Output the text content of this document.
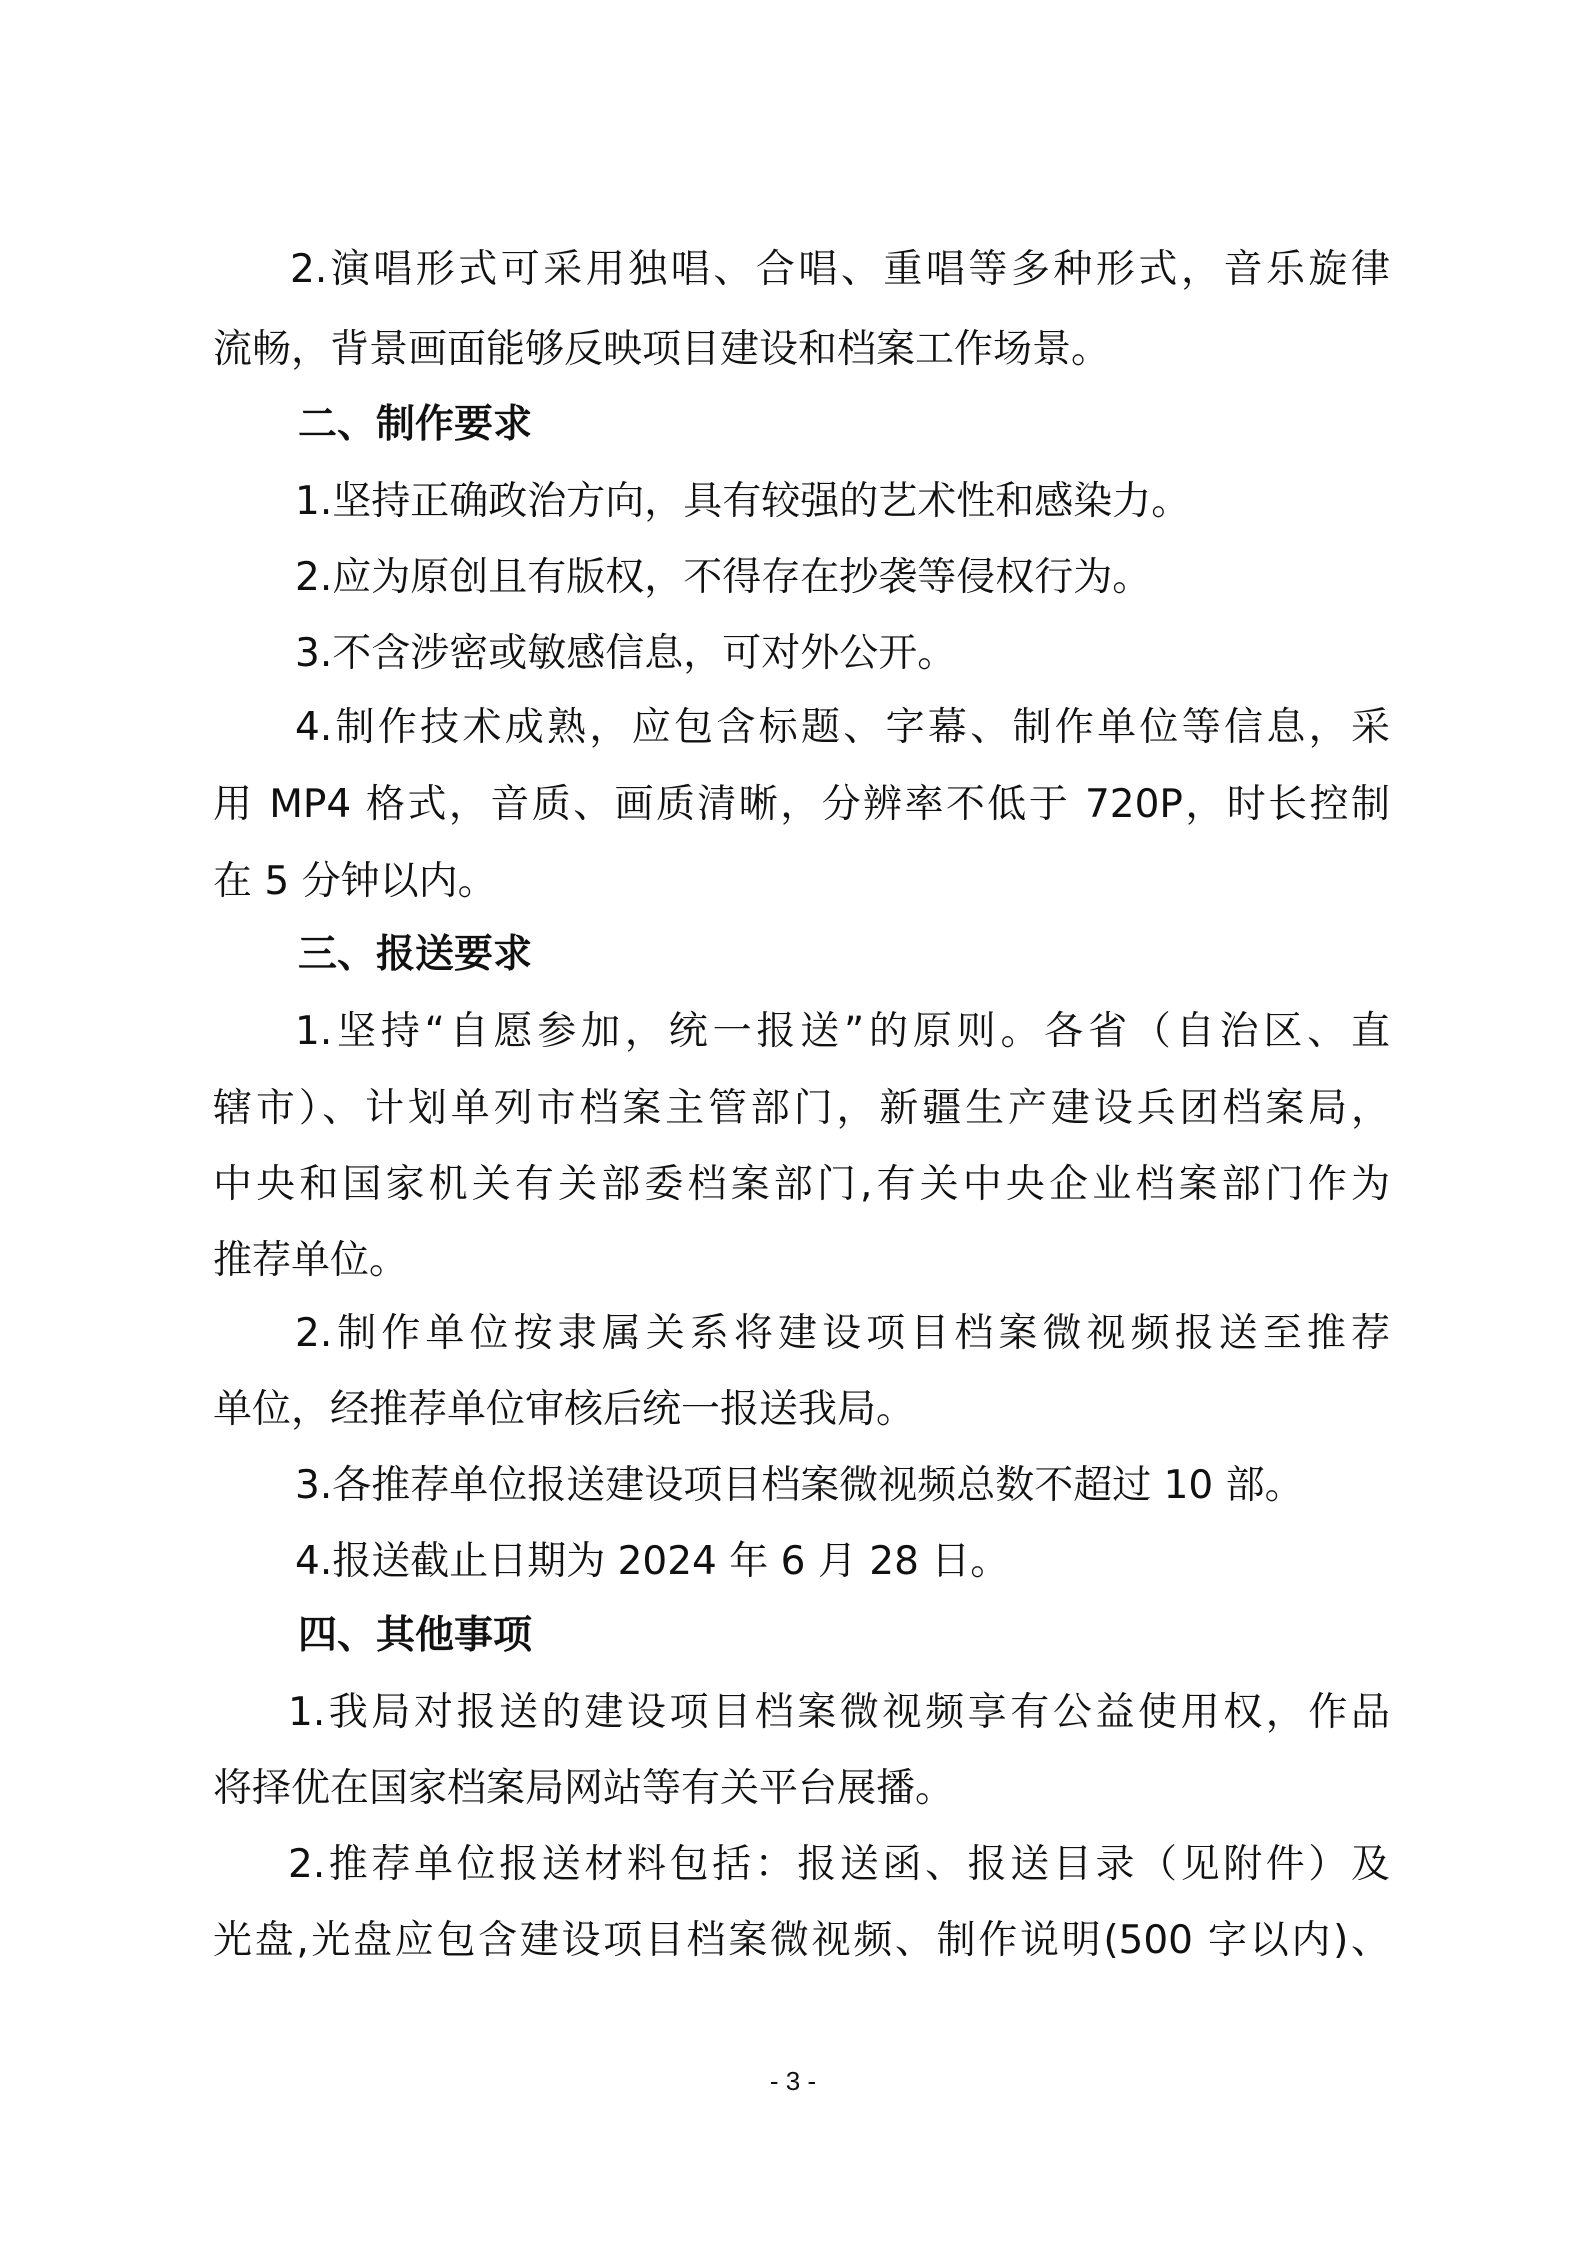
2.演唱形式可采用独唱、合唱、重唱等多种形式，音乐旋律
流畅，背景画面能够反映项目建设和档案工作场景。
二、制作要求
1.坚持正确政治方向，具有较强的艺术性和感染力。
2.应为原创且有版权，不得存在抄袭等侵权行为。
3.不含涉密或敏感信息，可对外公开。
4.制作技术成熟，应包含标题、字幕、制作单位等信息，采
用 MP4 格式，音质、画质清晰，分辨率不低于 720P，时长控制
在 5 分钟以内。
三、报送要求
1.坚持“自愿参加，统一报送”的原则。各省（自治区、直
辖市）、计划单列市档案主管部门，新疆生产建设兵团档案局，
中央和国家机关有关部委档案部门,有关中央企业档案部门作为
推荐单位。
2.制作单位按隶属关系将建设项目档案微视频报送至推荐
单位，经推荐单位审核后统一报送我局。
3.各推荐单位报送建设项目档案微视频总数不超过 10 部。
4.报送截止日期为 2024 年 6 月 28 日。
四、其他事项
1.我局对报送的建设项目档案微视频享有公益使用权，作品
将择优在国家档案局网站等有关平台展播。
2.推荐单位报送材料包括：报送函、报送目录（见附件）及
光盘,光盘应包含建设项目档案微视频、制作说明(500 字以内)、
- 3 -
